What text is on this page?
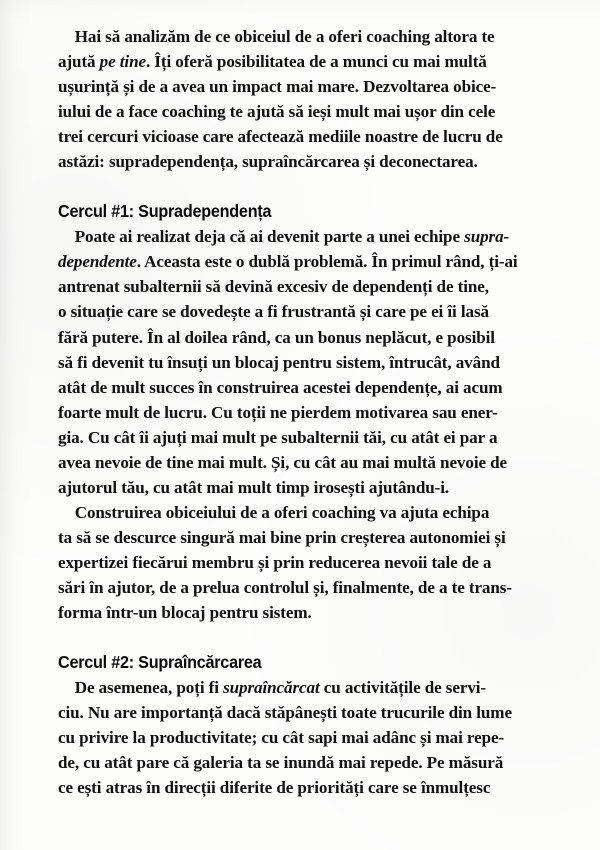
Hai să analizăm de ce obiceiul de a oferi coaching altora te
ajută pe tine. Îți oferă posibilitatea de a munci cu mai multă
ușurință și de a avea un impact mai mare. Dezvoltarea obice-
iului de a face coaching te ajută să ieși mult mai ușor din cele
trei cercuri vicioase care afectează mediile noastre de lucru de
astăzi: supradependența, supraîncărcarea și deconectarea.
Cercul #1: Supradependența
Poate ai realizat deja că ai devenit parte a unei echipe supra-
dependente. Aceasta este o dublă problemă. În primul rând, ți-ai
antrenat subalternii să devină excesiv de dependenți de tine,
o situație care se dovedește a fi frustrantă și care pe ei îi lasă
fără putere. În al doilea rând, ca un bonus neplăcut, e posibil
să fi devenit tu însuți un blocaj pentru sistem, întrucât, având
atât de mult succes în construirea acestei dependențe, ai acum
foarte mult de lucru. Cu toții ne pierdem motivarea sau ener-
gia. Cu cât îi ajuți mai mult pe subalternii tăi, cu atât ei par a
avea nevoie de tine mai mult. Și, cu cât au mai multă nevoie de
ajutorul tău, cu atât mai mult timp irosești ajutându-i.
Construirea obiceiului de a oferi coaching va ajuta echipa
ta să se descurce singură mai bine prin creșterea autonomiei și
expertizei fiecărui membru și prin reducerea nevoii tale de a
sări în ajutor, de a prelua controlul și, finalmente, de a te trans-
forma într-un blocaj pentru sistem.
Cercul #2: Supraîncărcarea
De asemenea, poți fi supraîncărcat cu activitățile de servi-
ciu. Nu are importanță dacă stăpânești toate trucurile din lume
cu privire la productivitate; cu cât sapi mai adânc și mai repe-
de, cu atât pare că galeria ta se inundă mai repede. Pe măsură
ce ești atras în direcții diferite de priorități care se înmulțesc
